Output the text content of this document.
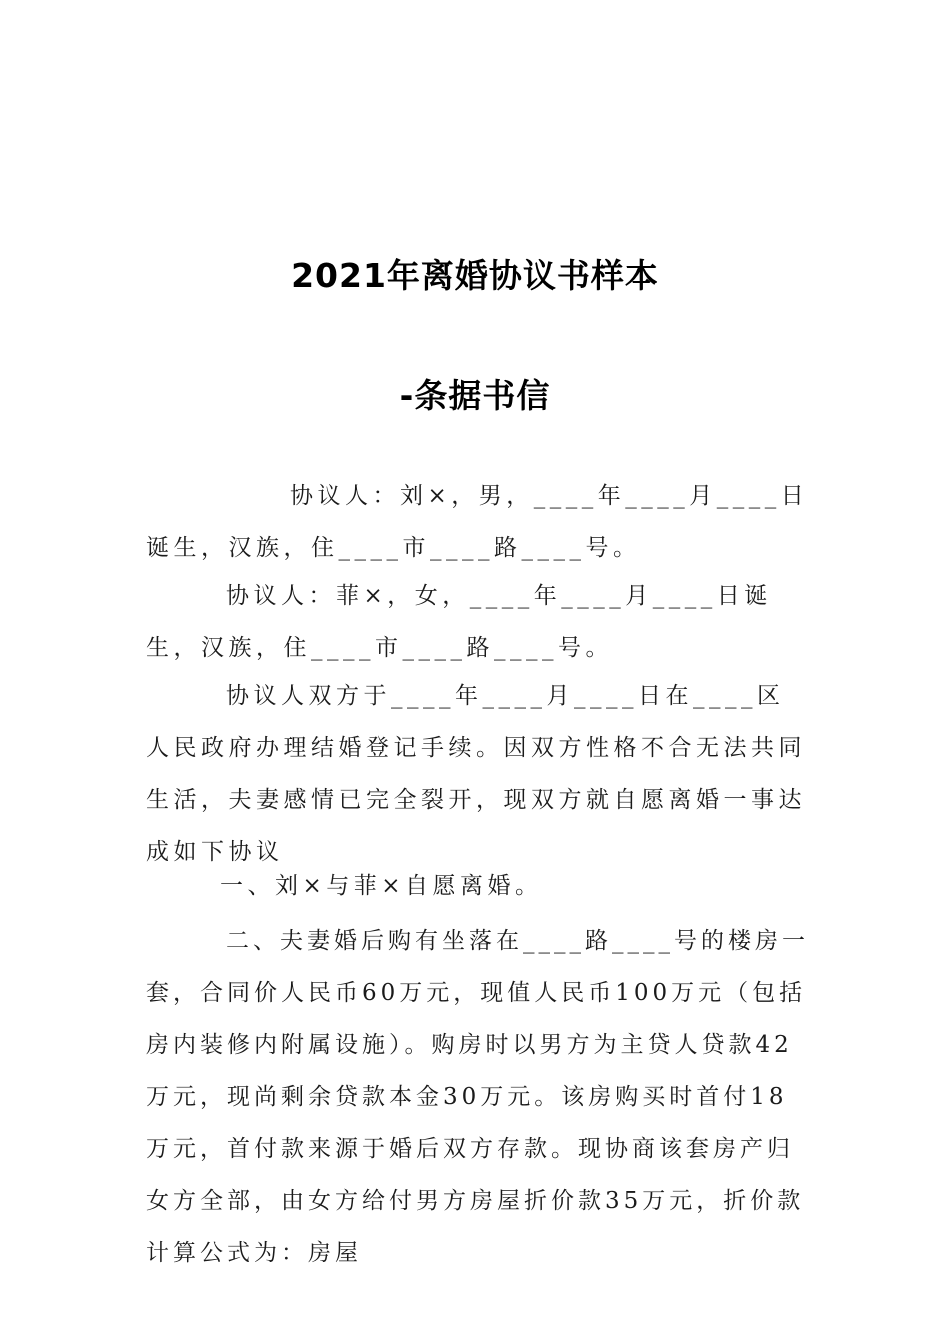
2021年离婚协议书样本
-条据书信
协议人：刘×，男，____年____月____日诞生，汉族，住____市____路____号。
协议人：菲×，女，____年____月____日诞生，汉族，住____市____路____号。
协议人双方于____年____月____日在____区人民政府办理结婚登记手续。因双方性格不合无法共同生活，夫妻感情已完全裂开，现双方就自愿离婚一事达成如下协议
一、刘×与菲×自愿离婚。
二、夫妻婚后购有坐落在____路____号的楼房一套，合同价人民币60万元，现值人民币100万元（包括房内装修内附属设施）。购房时以男方为主贷人贷款42万元，现尚剩余贷款本金30万元。该房购买时首付18万元，首付款来源于婚后双方存款。现协商该套房产归女方全部，由女方给付男方房屋折价款35万元，折价款计算公式为：房屋
